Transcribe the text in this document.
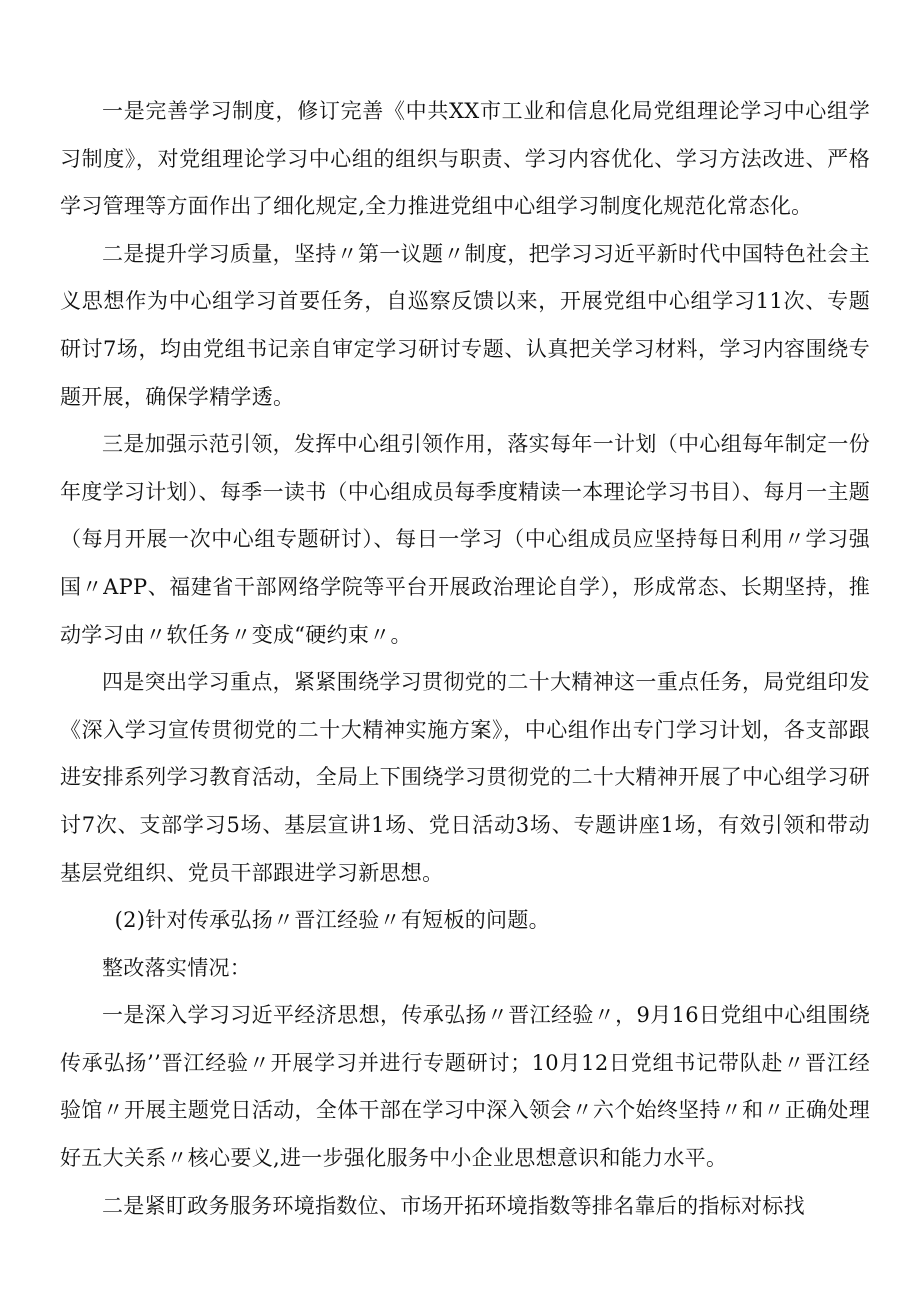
一是完善学习制度，修订完善《中共XX市工业和信息化局党组理论学习中心组学习制度》，对党组理论学习中心组的组织与职责、学习内容优化、学习方法改进、严格学习管理等方面作出了细化规定,全力推进党组中心组学习制度化规范化常态化。

二是提升学习质量，坚持〃第一议题〃制度，把学习习近平新时代中国特色社会主义思想作为中心组学习首要任务，自巡察反馈以来，开展党组中心组学习11次、专题研讨7场，均由党组书记亲自审定学习研讨专题、认真把关学习材料，学习内容围绕专题开展，确保学精学透。

三是加强示范引领，发挥中心组引领作用，落实每年一计划（中心组每年制定一份年度学习计划）、每季一读书（中心组成员每季度精读一本理论学习书目）、每月一主题（每月开展一次中心组专题研讨）、每日一学习（中心组成员应坚持每日利用〃学习强国〃APP、福建省干部网络学院等平台开展政治理论自学），形成常态、长期坚持，推动学习由〃软任务〃变成“硬约束〃。

四是突出学习重点，紧紧围绕学习贯彻党的二十大精神这一重点任务，局党组印发《深入学习宣传贯彻党的二十大精神实施方案》，中心组作出专门学习计划，各支部跟进安排系列学习教育活动，全局上下围绕学习贯彻党的二十大精神开展了中心组学习研讨7次、支部学习5场、基层宣讲1场、党日活动3场、专题讲座1场，有效引领和带动基层党组织、党员干部跟进学习新思想。

(2)针对传承弘扬〃晋江经验〃有短板的问题。

整改落实情况：

一是深入学习习近平经济思想，传承弘扬〃晋江经验〃，9月16日党组中心组围绕传承弘扬’’晋江经验〃开展学习并进行专题研讨；10月12日党组书记带队赴〃晋江经验馆〃开展主题党日活动，全体干部在学习中深入领会〃六个始终坚持〃和〃正确处理好五大关系〃核心要义,进一步强化服务中小企业思想意识和能力水平。

二是紧盯政务服务环境指数位、市场开拓环境指数等排名靠后的指标对标找
